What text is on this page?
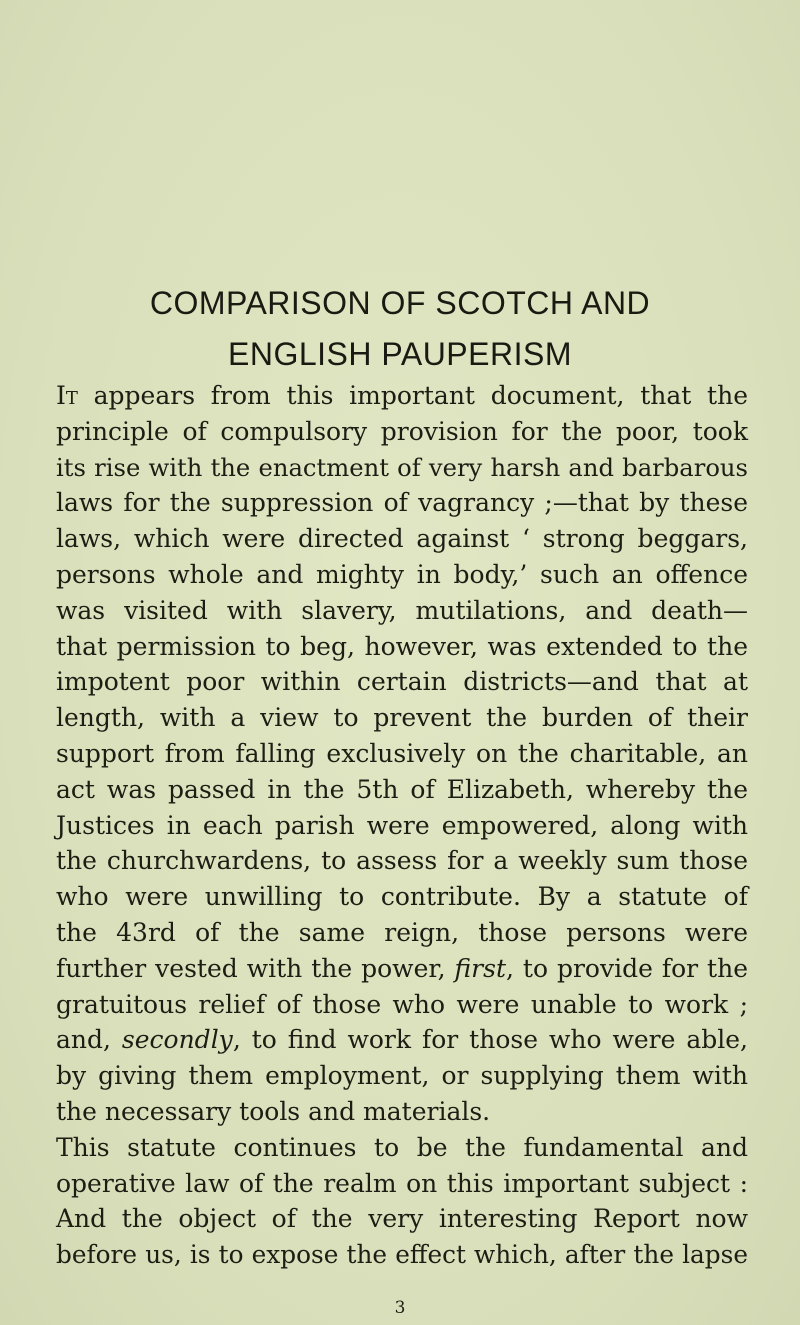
COMPARISON OF SCOTCH AND
ENGLISH PAUPERISM
It appears from this important document, that the
principle of compulsory provision for the poor, took
its rise with the enactment of very harsh and barbarous
laws for the suppression of vagrancy ;—that by these
laws, which were directed against ‘ strong beggars,
persons whole and mighty in body,’ such an offence
was visited with slavery, mutilations, and death—
that permission to beg, however, was extended to the
impotent poor within certain districts—and that at
length, with a view to prevent the burden of their
support from falling exclusively on the charitable, an
act was passed in the 5th of Elizabeth, whereby the
Justices in each parish were empowered, along with
the churchwardens, to assess for a weekly sum those
who were unwilling to contribute. By a statute of
the 43rd of the same reign, those persons were
further vested with the power, first, to provide for the
gratuitous relief of those who were unable to work ;
and, secondly, to find work for those who were able,
by giving them employment, or supplying them with
the necessary tools and materials.
This statute continues to be the fundamental and
operative law of the realm on this important subject :
And the object of the very interesting Report now
before us, is to expose the effect which, after the lapse
3
